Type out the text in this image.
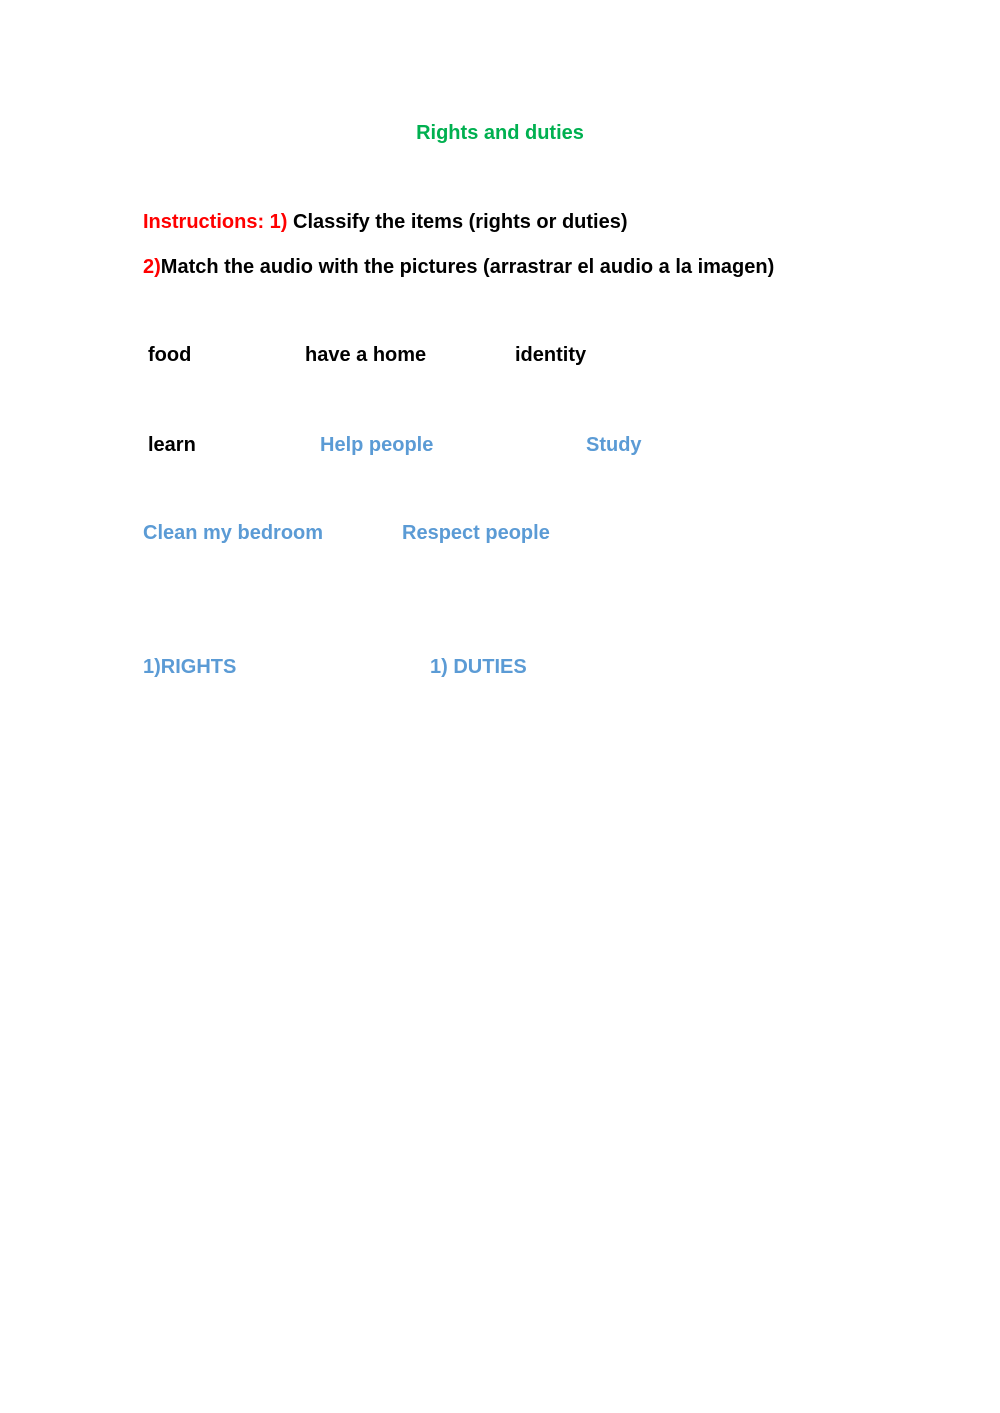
Rights and duties
Instructions: 1) Classify the items (rights or duties)
2)Match the audio with the pictures (arrastrar el audio a la imagen)
food	have a home	identity
learn	Help people	Study
Clean my bedroom	Respect people
1)RIGHTS	1) DUTIES
